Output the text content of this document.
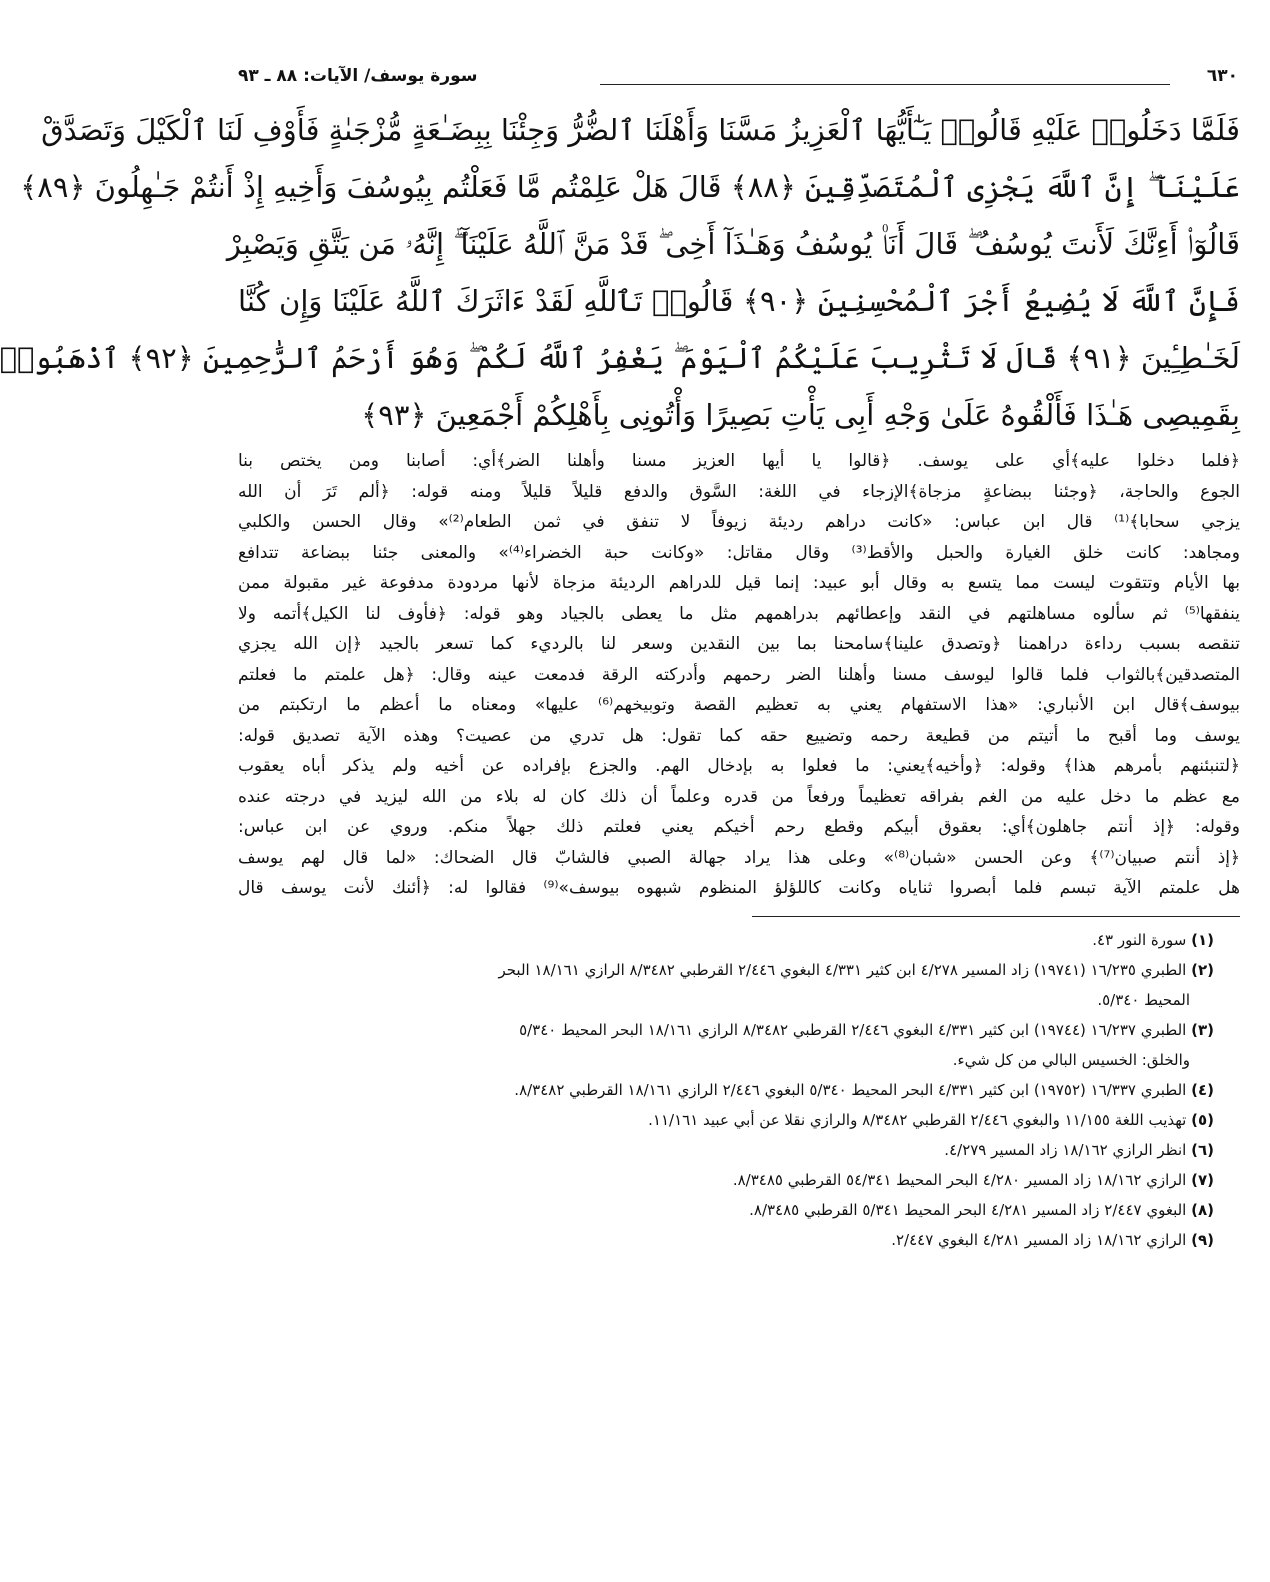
٦٣٠
سورة يوسف/ الآيات: ٨٨ ـ ٩٣
فَلَمَّا دَخَلُوا۟ عَلَيْهِ قَالُوا۟ يَـٰٓأَيُّهَا ٱلْعَزِيزُ مَسَّنَا وَأَهْلَنَا ٱلضُّرُّ وَجِئْنَا بِبِضَـٰعَةٍ مُّزْجَىٰةٍ فَأَوْفِ لَنَا ٱلْكَيْلَ وَتَصَدَّقْ
عَلَيْنَآ ۖ إِنَّ ٱللَّهَ يَجْزِى ٱلْمُتَصَدِّقِينَ ﴿٨٨﴾ قَالَ هَلْ عَلِمْتُم مَّا فَعَلْتُم بِيُوسُفَ وَأَخِيهِ إِذْ أَنتُمْ جَـٰهِلُونَ ﴿٨٩﴾
قَالُوٓا۟ أَءِنَّكَ لَأَنتَ يُوسُفُ ۖ قَالَ أَنَا۠ يُوسُفُ وَهَـٰذَآ أَخِى ۖ قَدْ مَنَّ ٱللَّهُ عَلَيْنَآ ۖ إِنَّهُۥ مَن يَتَّقِ وَيَصْبِرْ
فَإِنَّ ٱللَّهَ لَا يُضِيعُ أَجْرَ ٱلْمُحْسِنِينَ ﴿٩٠﴾ قَالُوا۟ تَٱللَّهِ لَقَدْ ءَاثَرَكَ ٱللَّهُ عَلَيْنَا وَإِن كُنَّا
لَخَـٰطِـِٔينَ ﴿٩١﴾ قَالَ لَا تَثْرِيبَ عَلَيْكُمُ ٱلْيَوْمَ ۖ يَغْفِرُ ٱللَّهُ لَكُمْ ۖ وَهُوَ أَرْحَمُ ٱلرَّٰحِمِينَ ﴿٩٢﴾ ٱذْهَبُوا۟
بِقَمِيصِى هَـٰذَا فَأَلْقُوهُ عَلَىٰ وَجْهِ أَبِى يَأْتِ بَصِيرًا وَأْتُونِى بِأَهْلِكُمْ أَجْمَعِينَ ﴿٩٣﴾
﴿فلما دخلوا عليه﴾أي على يوسف. ﴿قالوا يا أيها العزيز مسنا وأهلنا الضر﴾أي: أصابنا ومن يختص بنا
الجوع والحاجة، ﴿وجئنا ببضاعةٍ مزجاة﴾الإزجاء في اللغة: السَّوق والدفع قليلاً قليلاً ومنه قوله: ﴿ألم تَرَ أن الله
يزجي سحابا﴾⁽¹⁾ قال ابن عباس: «كانت دراهم رديئة زيوفاً لا تنفق في ثمن الطعام⁽²⁾» وقال الحسن والكلبي
ومجاهد: كانت خلق الغيارة والحبل والأقط⁽³⁾ وقال مقاتل: «وكانت حبة الخضراء⁽⁴⁾» والمعنى جئنا ببضاعة تتدافع
بها الأيام وتتقوت ليست مما يتسع به وقال أبو عبيد: إنما قيل للدراهم الرديئة مزجاة لأنها مردودة مدفوعة غير مقبولة ممن
ينفقها⁽⁵⁾ ثم سألوه مساهلتهم في النقد وإعطائهم بدراهمهم مثل ما يعطى بالجياد وهو قوله: ﴿فأوف لنا الكيل﴾أتمه ولا
تنقصه بسبب رداءة دراهمنا ﴿وتصدق علينا﴾سامحنا بما بين النقدين وسعر لنا بالرديء كما تسعر بالجيد ﴿إن الله يجزي
المتصدقين﴾بالثواب فلما قالوا ليوسف مسنا وأهلنا الضر رحمهم وأدركته الرقة فدمعت عينه وقال: ﴿هل علمتم ما فعلتم
بيوسف﴾قال ابن الأنباري: «هذا الاستفهام يعني به تعظيم القصة وتوبيخهم⁽⁶⁾ عليها» ومعناه ما أعظم ما ارتكبتم من
يوسف وما أقبح ما أتيتم من قطيعة رحمه وتضييع حقه كما تقول: هل تدري من عصيت؟ وهذه الآية تصديق قوله:
﴿لتنبئنهم بأمرهم هذا﴾ وقوله: ﴿وأخيه﴾يعني: ما فعلوا به بإدخال الهم. والجزع بإفراده عن أخيه ولم يذكر أباه يعقوب
مع عظم ما دخل عليه من الغم بفراقه تعظيماً ورفعاً من قدره وعلماً أن ذلك كان له بلاء من الله ليزيد في درجته عنده
وقوله: ﴿إذ أنتم جاهلون﴾أي: بعقوق أبيكم وقطع رحم أخيكم يعني فعلتم ذلك جهلاً منكم. وروي عن ابن عباس:
﴿إذ أنتم صبيان⁽⁷⁾﴾ وعن الحسن «شبان⁽⁸⁾» وعلى هذا يراد جهالة الصبي فالشابّ قال الضحاك: «لما قال لهم يوسف
هل علمتم الآية تبسم فلما أبصروا ثناياه وكانت كاللؤلؤ المنظوم شبهوه بيوسف»⁽⁹⁾ فقالوا له: ﴿أئنك لأنت يوسف قال
(١) سورة النور ٤٣.
(٢) الطبري ١٦/٢٣٥ (١٩٧٤١) زاد المسير ٤/٢٧٨ ابن كثير ٤/٣٣١ البغوي ٢/٤٤٦ القرطبي ٨/٣٤٨٢ الرازي ١٨/١٦١ البحر
المحيط ٥/٣٤٠.
(٣) الطبري ١٦/٢٣٧ (١٩٧٤٤) ابن كثير ٤/٣٣١ البغوي ٢/٤٤٦ القرطبي ٨/٣٤٨٢ الرازي ١٨/١٦١ البحر المحيط ٥/٣٤٠
والخلق: الخسيس البالي من كل شيء.
(٤) الطبري ١٦/٣٣٧ (١٩٧٥٢) ابن كثير ٤/٣٣١ البحر المحيط ٥/٣٤٠ البغوي ٢/٤٤٦ الرازي ١٨/١٦١ القرطبي ٨/٣٤٨٢.
(٥) تهذيب اللغة ١١/١٥٥ والبغوي ٢/٤٤٦ القرطبي ٨/٣٤٨٢ والرازي نقلا عن أبي عبيد ١١/١٦١.
(٦) انظر الرازي ١٨/١٦٢ زاد المسير ٤/٢٧٩.
(٧) الرازي ١٨/١٦٢ زاد المسير ٤/٢٨٠ البحر المحيط ٥٤/٣٤١ القرطبي ٨/٣٤٨٥.
(٨) البغوي ٢/٤٤٧ زاد المسير ٤/٢٨١ البحر المحيط ٥/٣٤١ القرطبي ٨/٣٤٨٥.
(٩) الرازي ١٨/١٦٢ زاد المسير ٤/٢٨١ البغوي ٢/٤٤٧.
